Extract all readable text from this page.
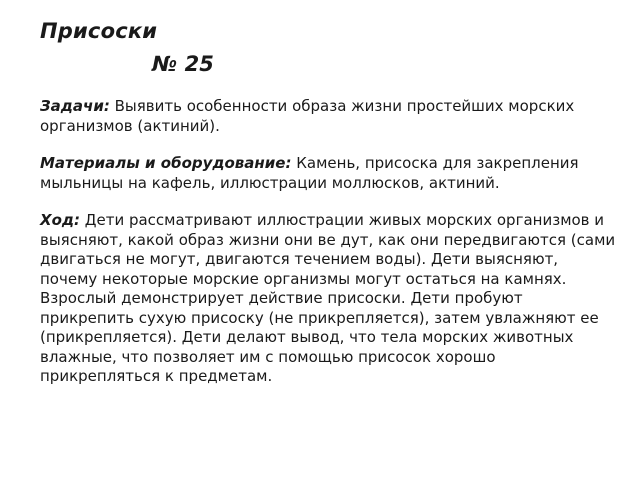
Присоски
№ 25

Задачи: Выявить особенности образа жизни простейших морских организмов (актиний).

Материалы и оборудование: Камень, присоска для закрепления мыльницы на кафель, иллюстрации моллюсков, актиний.

Ход: Дети рассматривают иллюстрации живых морских организмов и выясняют, какой образ жизни они ве дут, как они передвигаются (сами двигаться не могут, двигаются течением воды). Дети выясняют, почему некоторые морские организмы могут остаться на камнях. Взрослый демонстрирует действие присоски. Дети пробуют прикрепить сухую присоску (не прикрепляется), затем увлажняют ее (прикрепляется). Дети делают вывод, что тела морских животных влажные, что позволяет им с помощью присосок хорошо прикрепляться к предметам.
